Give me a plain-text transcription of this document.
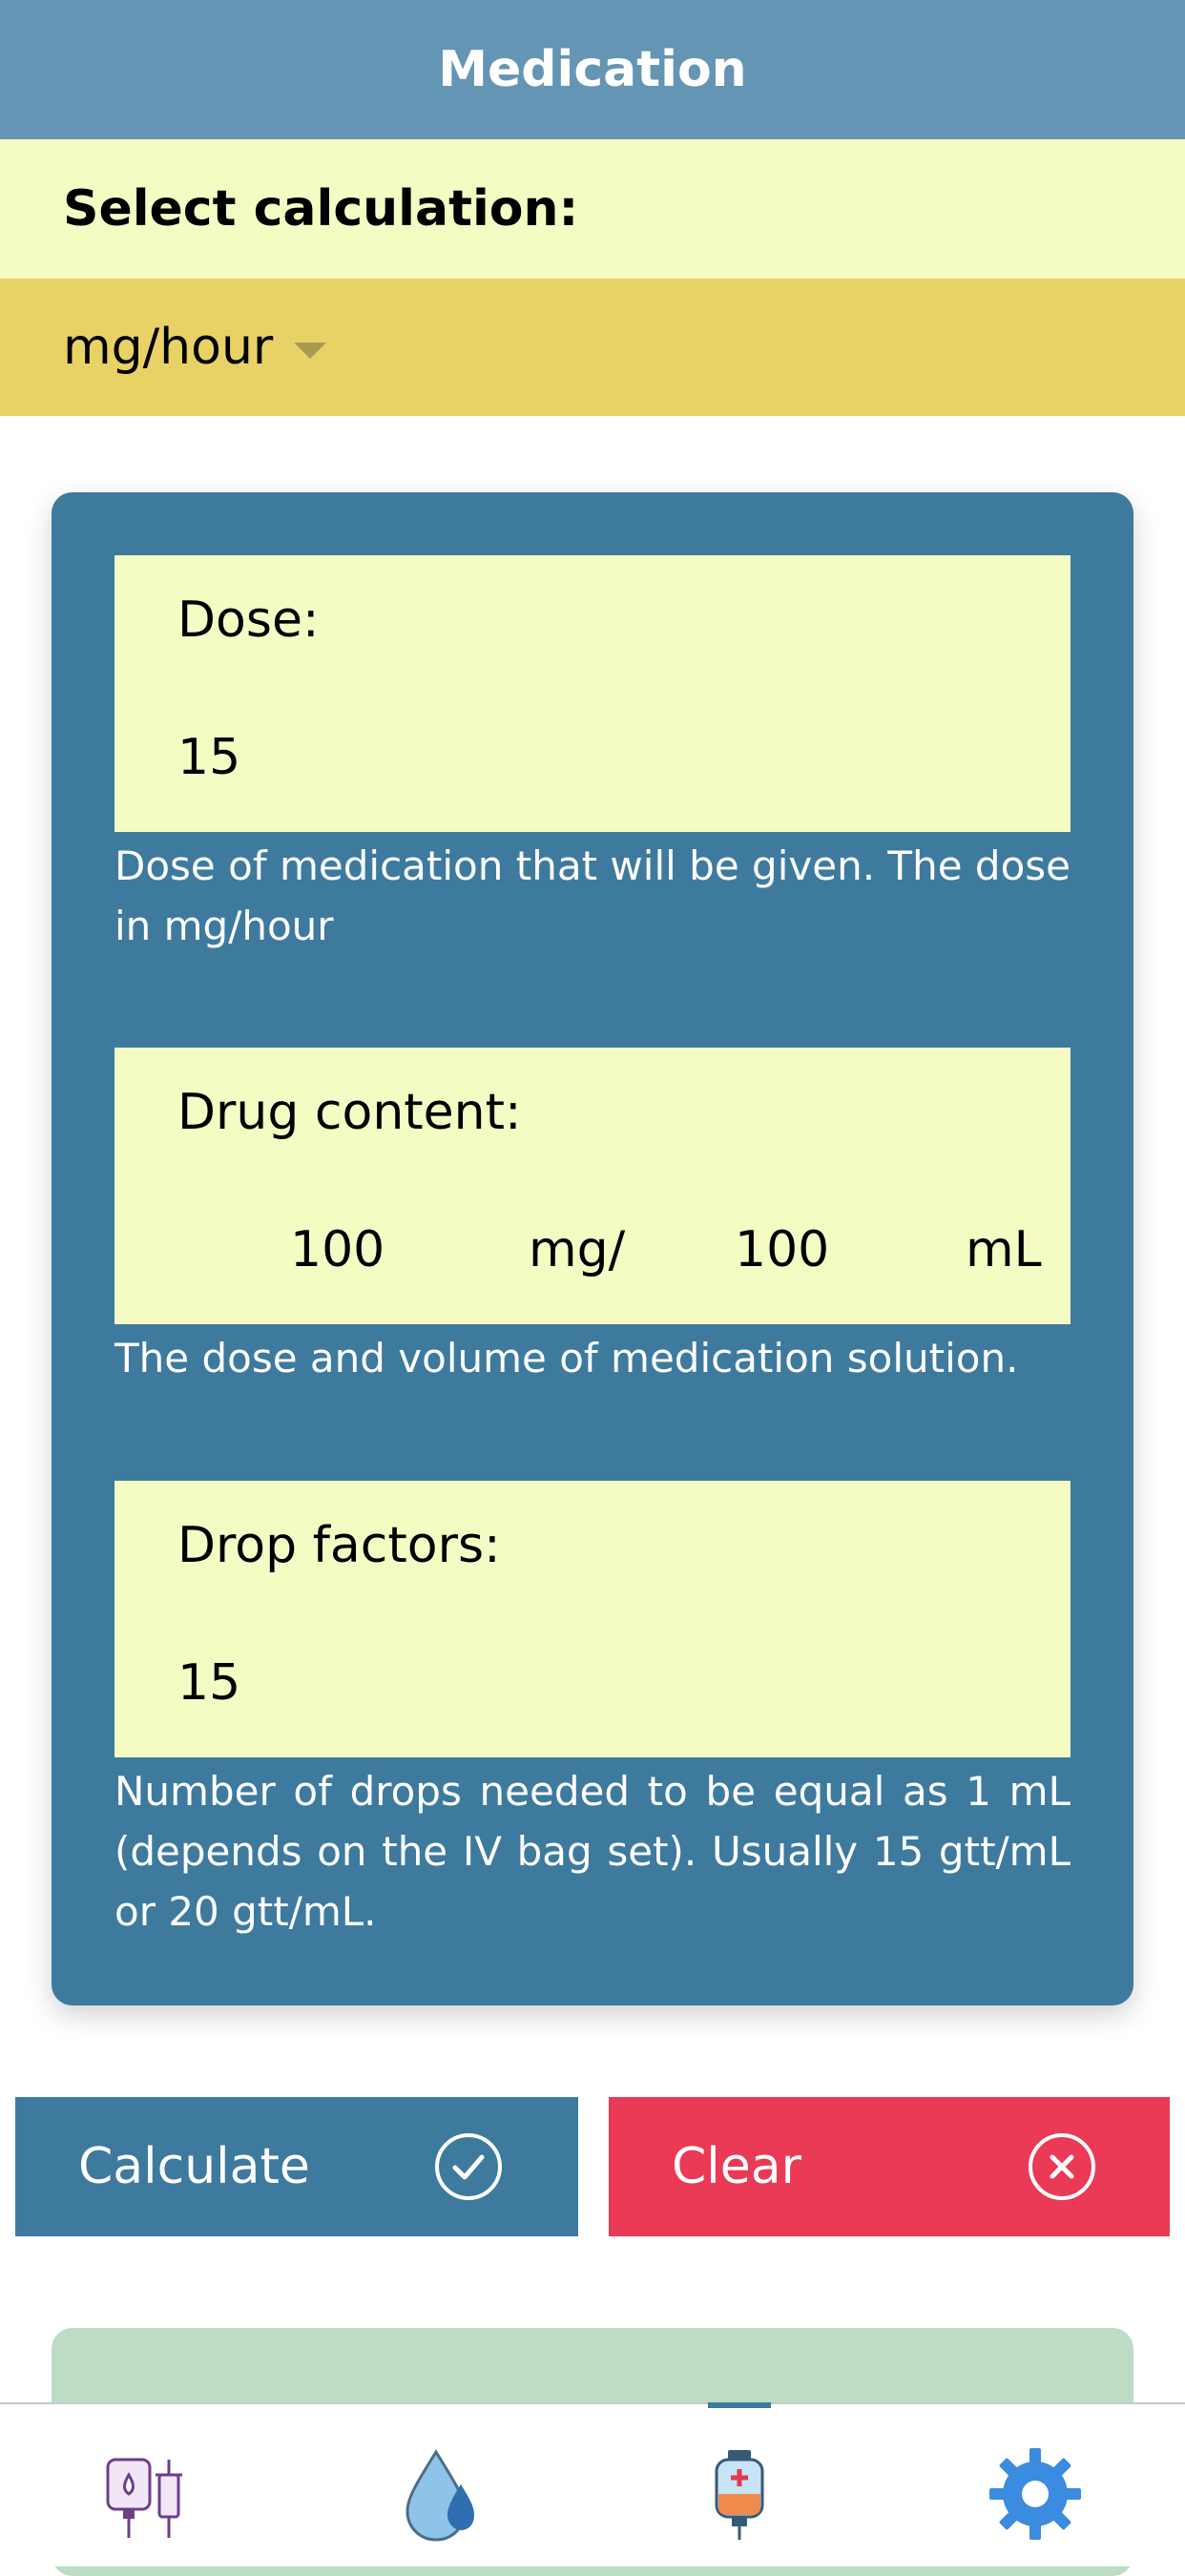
Medication
Select calculation:
mg/hour
Dose:
15
Dose of medication that will be given. The dose in mg/hour
Drug content:
100	mg/ 100	mL
The dose and volume of medication solution.
Drop factors:
15
Number of drops needed to be equal as 1 mL (depends on the IV bag set). Usually 15 gtt/mL or 20 gtt/mL.
Calculate	Clear
